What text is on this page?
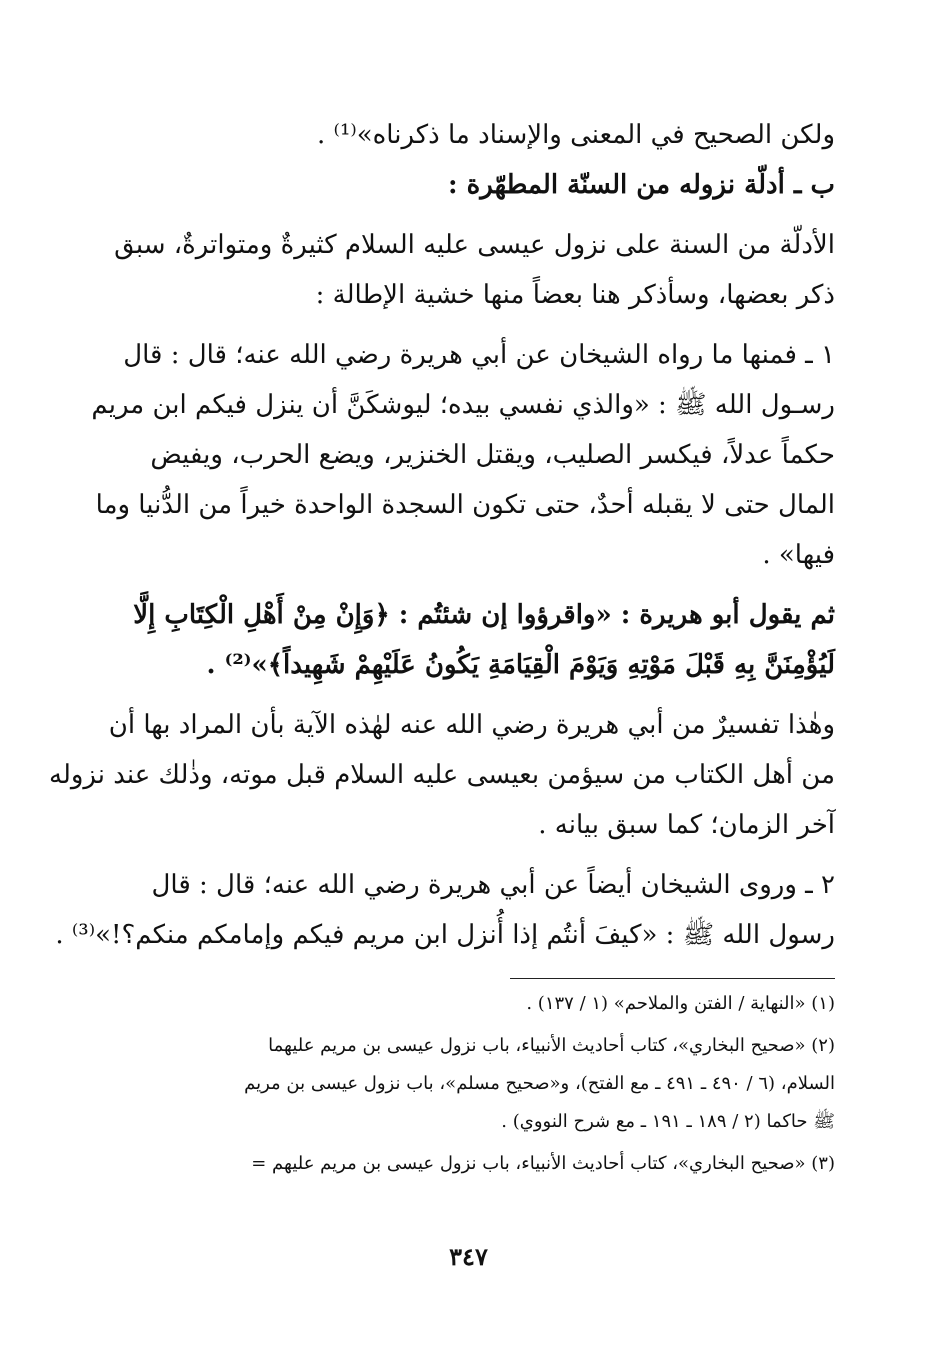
ولكن الصحيح في المعنى والإسناد ما ذكرناه»⁽¹⁾ .

ب ـ أدلّة نزوله من السنّة المطهّرة :

الأدلّة من السنة على نزول عيسى عليه السلام كثيرةٌ ومتواترةٌ، سبق

ذكر بعضها، وسأذكر هنا بعضاً منها خشية الإطالة :

١ ـ فمنها ما رواه الشيخان عن أبي هريرة رضي الله عنه؛ قال : قال

رسـول الله ﷺ : «والذي نفسي بيده؛ ليوشكَنَّ أن ينزل فيكم ابن مريم

حكماً عدلاً، فيكسر الصليب، ويقتل الخنزير، ويضع الحرب، ويفيض

المال حتى لا يقبله أحدٌ، حتى تكون السجدة الواحدة خيراً من الدُّنيا وما

فيها» .

ثم يقول أبو هريرة : «واقرؤوا إن شئتُم : ﴿وَإِنْ مِنْ أَهْلِ الْكِتَابِ إِلَّا

لَيُؤْمِنَنَّ بِهِ قَبْلَ مَوْتِهِ وَيَوْمَ الْقِيَامَةِ يَكُونُ عَلَيْهِمْ شَهِيداً﴾»⁽²⁾ .

وهٰذا تفسيرٌ من أبي هريرة رضي الله عنه لهٰذه الآية بأن المراد بها أن

من أهل الكتاب من سيؤمن بعيسى عليه السلام قبل موته، وذٰلك عند نزوله

آخر الزمان؛ كما سبق بيانه .

٢ ـ وروى الشيخان أيضاً عن أبي هريرة رضي الله عنه؛ قال : قال

رسول الله ﷺ : «كيفَ أنتُم إذا أُنزل ابن مريم فيكم وإمامكم منكم؟!»⁽³⁾ .

(١) «النهاية / الفتن والملاحم» (١ / ١٣٧) .

(٢) «صحيح البخاري»، كتاب أحاديث الأنبياء، باب نزول عيسى بن مريم عليهما

السلام، (٦ / ٤٩٠ ـ ٤٩١ ـ مع الفتح)، و«صحيح مسلم»، باب نزول عيسى بن مريم

ﷺ حاكما (٢ / ١٨٩ ـ ١٩١ ـ مع شرح النووي) .

(٣) «صحيح البخاري»، كتاب أحاديث الأنبياء، باب نزول عيسى بن مريم عليهم =

٣٤٧
